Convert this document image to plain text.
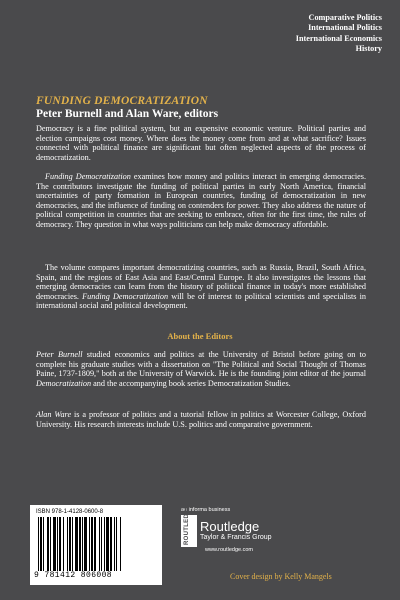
Comparative Politics
International Politics
International Economics
History
FUNDING DEMOCRATIZATION
Peter Burnell and Alan Ware, editors

Democracy is a fine political system, but an expensive economic venture. Political parties and election campaigns cost money. Where does the money come from and at what sacrifice? Issues connected with political finance are significant but often neglected aspects of the process of democratization.

Funding Democratization examines how money and politics interact in emerging democracies. The contributors investigate the funding of political parties in early North America, financial uncertainties of party formation in European countries, funding of democratization in new democracies, and the influence of funding on contenders for power. They also address the nature of political competition in countries that are seeking to embrace, often for the first time, the rules of democracy. They question in what ways politicians can help make democracy affordable.

The volume compares important democratizing countries, such as Russia, Brazil, South Africa, Spain, and the regions of East Asia and East/Central Europe. It also investigates the lessons that emerging democracies can learn from the history of political finance in today's more established democracies. Funding Democratization will be of interest to political scientists and specialists in international social and political development.

About the Editors

Peter Burnell studied economics and politics at the University of Bristol before going on to complete his graduate studies with a dissertation on "The Political and Social Thought of Thomas Paine, 1737-1809," both at the University of Warwick. He is the founding joint editor of the journal Democratization and the accompanying book series Democratization Studies.

Alan Ware is a professor of politics and a tutorial fellow in politics at Worcester College, Oxford University. His research interests include U.S. politics and comparative government.

ISBN 978-1-4128-0600-8
9 781412 806008
an informa business
ROUTLEDGE Routledge
Taylor & Francis Group
www.routledge.com
Cover design by Kelly Mangels
